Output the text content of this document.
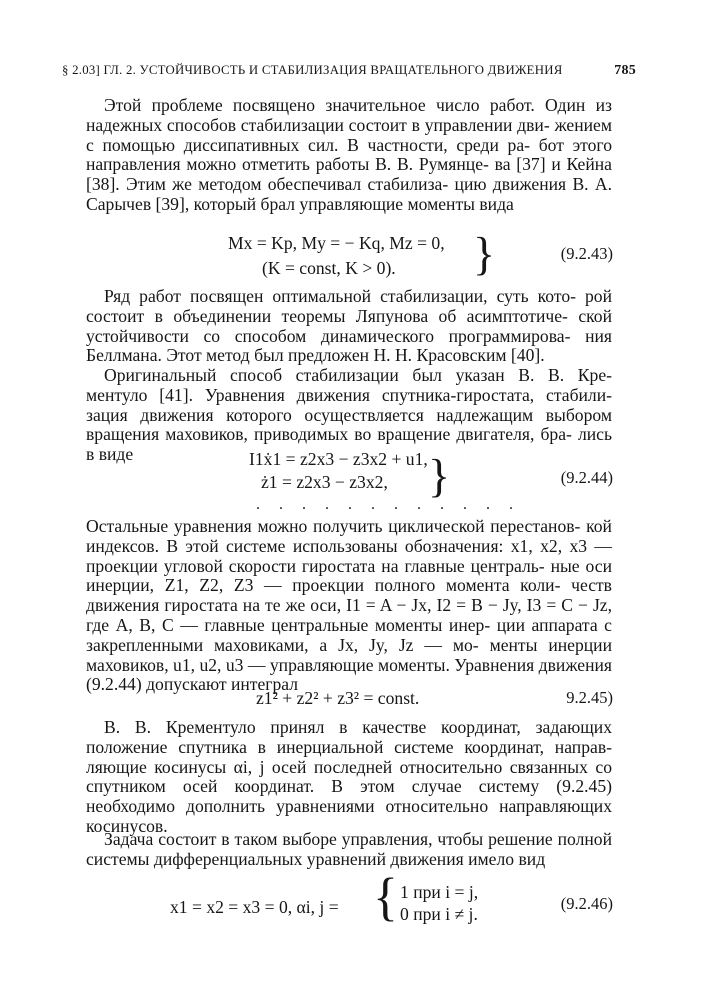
§ 2.03] ГЛ. 2. УСТОЙЧИВОСТЬ И СТАБИЛИЗАЦИЯ ВРАЩАТЕЛЬНОГО ДВИЖЕНИЯ	785
Этой проблеме посвящено значительное число работ. Один из надежных способов стабилизации состоит в управлении дви- жением с помощью диссипативных сил. В частности, среди ра- бот этого направления можно отметить работы В. В. Румянце- ва [37] и Кейна [38]. Этим же методом обеспечивал стабилиза- цию движения В. А. Сарычев [39], который брал управляющие моменты вида
Mx = Kp, My = − Kq, Mz = 0,
(K = const, K > 0). }	(9.2.43)
Ряд работ посвящен оптимальной стабилизации, суть кото- рой состоит в объединении теоремы Ляпунова об асимптотиче- ской устойчивости со способом динамического программирова- ния Беллмана. Этот метод был предложен Н. Н. Красовским [40].
Оригинальный способ стабилизации был указан В. В. Кре- ментуло [41]. Уравнения движения спутника-гиростата, стабили- зация движения которого осуществляется надлежащим выбором вращения маховиков, приводимых во вращение двигателя, бра- лись в виде	I1ẋ1 = z2x3 − z3x2 + u1,
ż1 = z2x3 − z3x2,
. . . . . . . . . . . .
}	(9.2.44)
Остальные уравнения можно получить циклической перестанов- кой индексов. В этой системе использованы обозначения: x1, x2, x3 — проекции угловой скорости гиростата на главные централь- ные оси инерции, Z1, Z2, Z3 — проекции полного момента коли- честв движения гиростата на те же оси, I1 = A − Jx, I2 = B − Jy, I3 = C − Jz, где A, B, C — главные центральные моменты инер- ции аппарата с закрепленными маховиками, а Jx, Jy, Jz — мо- менты инерции маховиков, u1, u2, u3 — управляющие моменты. Уравнения движения (9.2.44) допускают интеграл
z1² + z2² + z3² = const.	9.2.45)
В. В. Крементуло принял в качестве координат, задающих положение спутника в инерциальной системе координат, направ- ляющие косинусы αi, j осей последней относительно связанных со спутником осей координат. В этом случае систему (9.2.45) необходимо дополнить уравнениями относительно направляющих косинусов.
Задача состоит в таком выборе управления, чтобы решение полной системы дифференциальных уравнений движения имело вид
x1 = x2 = x3 = 0, αi, j = { 1 при i = j,
0 при i ≠ j.
(9.2.46)
